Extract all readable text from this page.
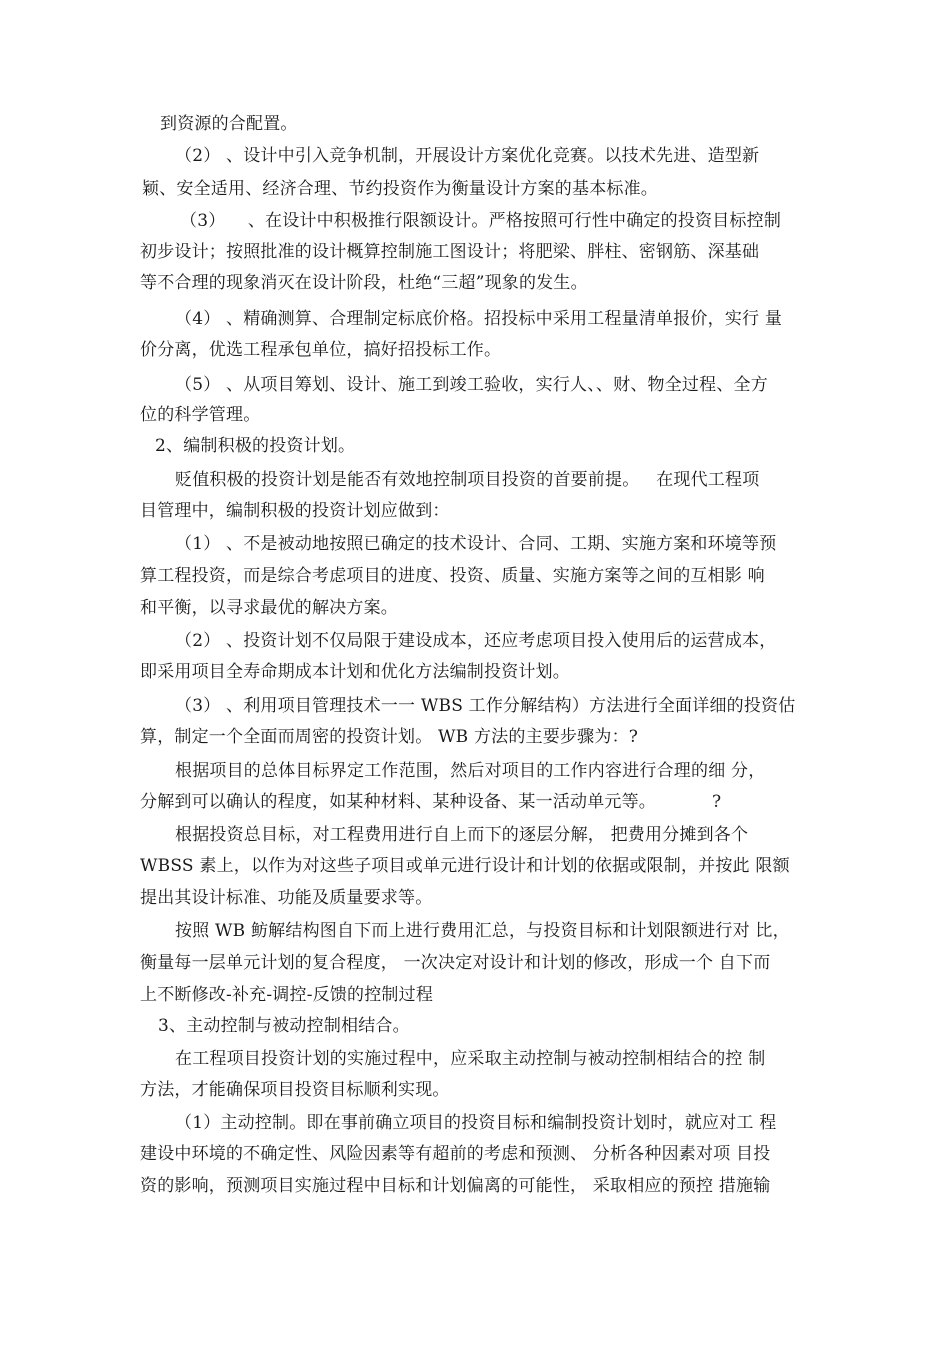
到资源的合配置。
（2） 、设计中引入竞争机制，开展设计方案优化竞赛。以技术先进、造型新
颖、安全适用、经济合理、节约投资作为衡量设计方案的基本标准。
（3）    、在设计中积极推行限额设计。严格按照可行性中确定的投资目标控制
初步设计；按照批准的设计概算控制施工图设计；将肥梁、胖柱、密钢筋、深基础
等不合理的现象消灭在设计阶段，杜绝“三超”现象的发生。
（4） 、精确测算、合理制定标底价格。招投标中采用工程量清单报价，实行 量
价分离，优选工程承包单位，搞好招投标工作。
（5） 、从项目筹划、设计、施工到竣工验收，实行人、、财、物全过程、全方
位的科学管理。
2、编制积极的投资计划。
贬值积极的投资计划是能否有效地控制项目投资的首要前提。   在现代工程项
目管理中，编制积极的投资计划应做到：
（1） 、不是被动地按照已确定的技术设计、合同、工期、实施方案和环境等预
算工程投资，而是综合考虑项目的进度、投资、质量、实施方案等之间的互相影 响
和平衡，以寻求最优的解决方案。
（2） 、投资计划不仅局限于建设成本，还应考虑项目投入使用后的运营成本，
即采用项目全寿命期成本计划和优化方法编制投资计划。
（3） 、利用项目管理技术一一 WBS 工作分解结构）方法进行全面详细的投资估
算，制定一个全面而周密的投资计划。 WB 方法的主要步骤为：?
根据项目的总体目标界定工作范围，然后对项目的工作内容进行合理的细 分，
分解到可以确认的程度，如某种材料、某种设备、某一活动单元等。          ?
根据投资总目标，对工程费用进行自上而下的逐层分解， 把费用分摊到各个
WBSS 素上，以作为对这些子项目或单元进行设计和计划的依据或限制，并按此 限额
提出其设计标准、功能及质量要求等。
按照 WB 鲂解结构图自下而上进行费用汇总，与投资目标和计划限额进行对 比，
衡量每一层单元计划的复合程度， 一次决定对设计和计划的修改，形成一个 自下而
上不断修改-补充-调控-反馈的控制过程
3、主动控制与被动控制相结合。
在工程项目投资计划的实施过程中，应采取主动控制与被动控制相结合的控 制
方法，才能确保项目投资目标顺利实现。
（1）主动控制。即在事前确立项目的投资目标和编制投资计划时，就应对工 程
建设中环境的不确定性、风险因素等有超前的考虑和预测、 分析各种因素对项 目投
资的影响，预测项目实施过程中目标和计划偏离的可能性， 采取相应的预控 措施输
